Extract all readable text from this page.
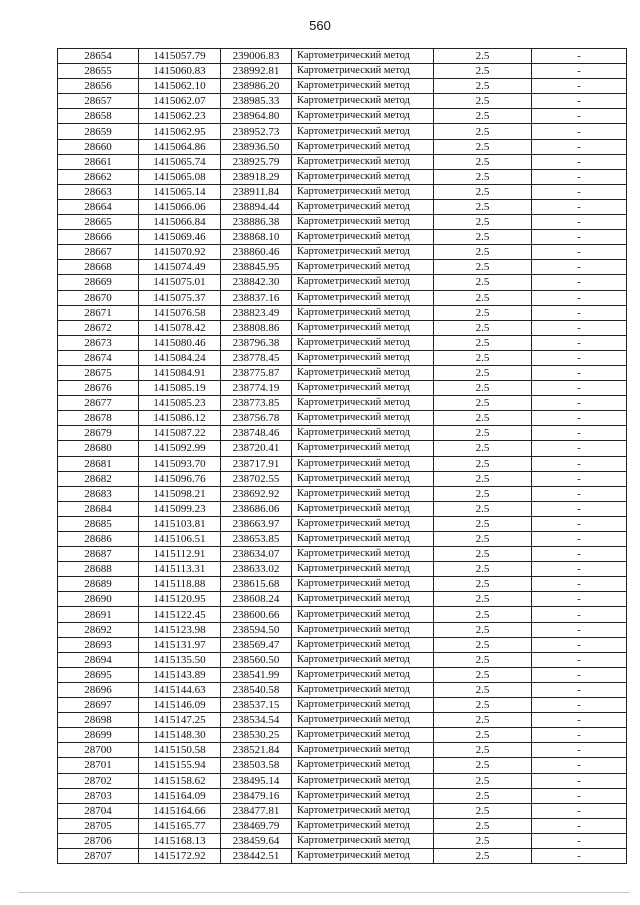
560
28654	1415057.79	239006.83	Картометрический метод	2.5	-
28655	1415060.83	238992.81	Картометрический метод	2.5	-
28656	1415062.10	238986.20	Картометрический метод	2.5	-
28657	1415062.07	238985.33	Картометрический метод	2.5	-
28658	1415062.23	238964.80	Картометрический метод	2.5	-
28659	1415062.95	238952.73	Картометрический метод	2.5	-
28660	1415064.86	238936.50	Картометрический метод	2.5	-
28661	1415065.74	238925.79	Картометрический метод	2.5	-
28662	1415065.08	238918.29	Картометрический метод	2.5	-
28663	1415065.14	238911.84	Картометрический метод	2.5	-
28664	1415066.06	238894.44	Картометрический метод	2.5	-
28665	1415066.84	238886.38	Картометрический метод	2.5	-
28666	1415069.46	238868.10	Картометрический метод	2.5	-
28667	1415070.92	238860.46	Картометрический метод	2.5	-
28668	1415074.49	238845.95	Картометрический метод	2.5	-
28669	1415075.01	238842.30	Картометрический метод	2.5	-
28670	1415075.37	238837.16	Картометрический метод	2.5	-
28671	1415076.58	238823.49	Картометрический метод	2.5	-
28672	1415078.42	238808.86	Картометрический метод	2.5	-
28673	1415080.46	238796.38	Картометрический метод	2.5	-
28674	1415084.24	238778.45	Картометрический метод	2.5	-
28675	1415084.91	238775.87	Картометрический метод	2.5	-
28676	1415085.19	238774.19	Картометрический метод	2.5	-
28677	1415085.23	238773.85	Картометрический метод	2.5	-
28678	1415086.12	238756.78	Картометрический метод	2.5	-
28679	1415087.22	238748.46	Картометрический метод	2.5	-
28680	1415092.99	238720.41	Картометрический метод	2.5	-
28681	1415093.70	238717.91	Картометрический метод	2.5	-
28682	1415096.76	238702.55	Картометрический метод	2.5	-
28683	1415098.21	238692.92	Картометрический метод	2.5	-
28684	1415099.23	238686.06	Картометрический метод	2.5	-
28685	1415103.81	238663.97	Картометрический метод	2.5	-
28686	1415106.51	238653.85	Картометрический метод	2.5	-
28687	1415112.91	238634.07	Картометрический метод	2.5	-
28688	1415113.31	238633.02	Картометрический метод	2.5	-
28689	1415118.88	238615.68	Картометрический метод	2.5	-
28690	1415120.95	238608.24	Картометрический метод	2.5	-
28691	1415122.45	238600.66	Картометрический метод	2.5	-
28692	1415123.98	238594.50	Картометрический метод	2.5	-
28693	1415131.97	238569.47	Картометрический метод	2.5	-
28694	1415135.50	238560.50	Картометрический метод	2.5	-
28695	1415143.89	238541.99	Картометрический метод	2.5	-
28696	1415144.63	238540.58	Картометрический метод	2.5	-
28697	1415146.09	238537.15	Картометрический метод	2.5	-
28698	1415147.25	238534.54	Картометрический метод	2.5	-
28699	1415148.30	238530.25	Картометрический метод	2.5	-
28700	1415150.58	238521.84	Картометрический метод	2.5	-
28701	1415155.94	238503.58	Картометрический метод	2.5	-
28702	1415158.62	238495.14	Картометрический метод	2.5	-
28703	1415164.09	238479.16	Картометрический метод	2.5	-
28704	1415164.66	238477.81	Картометрический метод	2.5	-
28705	1415165.77	238469.79	Картометрический метод	2.5	-
28706	1415168.13	238459.64	Картометрический метод	2.5	-
28707	1415172.92	238442.51	Картометрический метод	2.5	-
